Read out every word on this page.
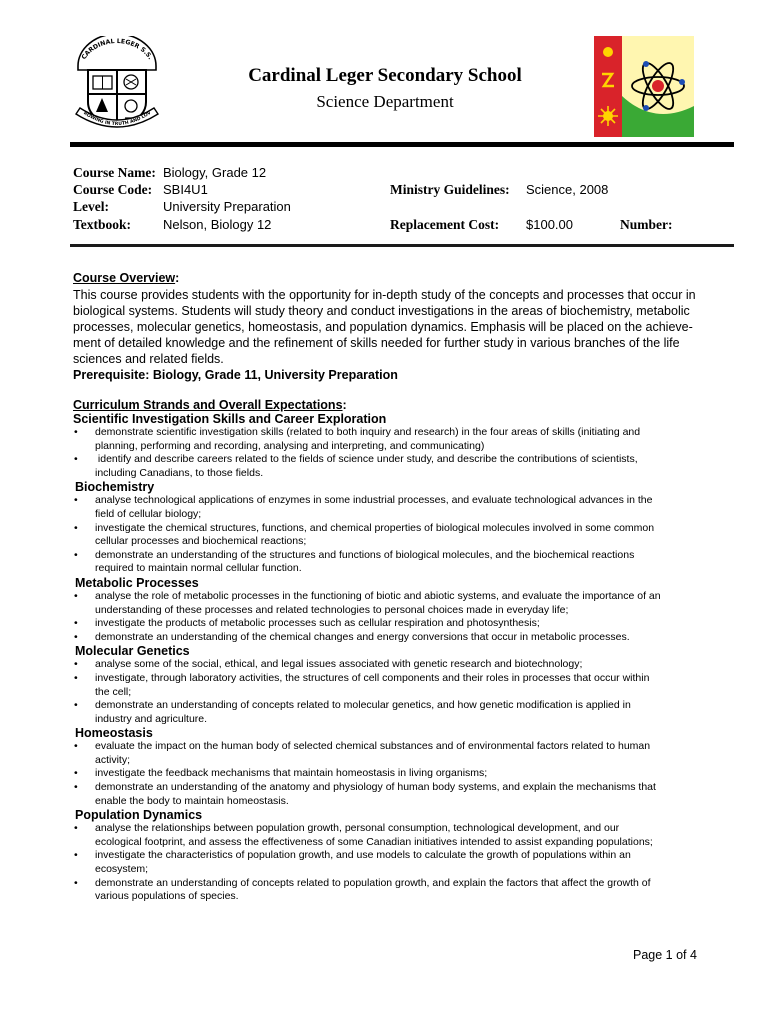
CARDINAL LEGER S.S.
ROWING IN TRUTH AND LOV
Cardinal Leger Secondary School
Science Department
Course Name: Biology, Grade 12
Course Code: SBI4U1
Level:	University Preparation
Textbook: Nelson, Biology 12
Ministry Guidelines: Science, 2008
Replacement Cost: $100.00	Number:
Course Overview:
This course provides students with the opportunity for in-depth study of the concepts and processes that occur in
biological systems. Students will study theory and conduct investigations in the areas of biochemistry, metabolic
processes, molecular genetics, homeostasis, and population dynamics. Emphasis will be placed on the achieve-
ment of detailed knowledge and the refinement of skills needed for further study in various branches of the life
sciences and related fields.
Prerequisite: Biology, Grade 11, University Preparation
Curriculum Strands and Overall Expectations:
Scientific Investigation Skills and Career Exploration
• demonstrate scientific investigation skills (related to both inquiry and research) in the four areas of skills (initiating and
planning, performing and recording, analysing and interpreting, and communicating)
• identify and describe careers related to the fields of science under study, and describe the contributions of scientists,
including Canadians, to those fields.
Biochemistry
• analyse technological applications of enzymes in some industrial processes, and evaluate technological advances in the
field of cellular biology;
• investigate the chemical structures, functions, and chemical properties of biological molecules involved in some common
cellular processes and biochemical reactions;
• demonstrate an understanding of the structures and functions of biological molecules, and the biochemical reactions
required to maintain normal cellular function.
Metabolic Processes
• analyse the role of metabolic processes in the functioning of biotic and abiotic systems, and evaluate the importance of an
understanding of these processes and related technologies to personal choices made in everyday life;
• investigate the products of metabolic processes such as cellular respiration and photosynthesis;
• demonstrate an understanding of the chemical changes and energy conversions that occur in metabolic processes.
Molecular Genetics
• analyse some of the social, ethical, and legal issues associated with genetic research and biotechnology;
• investigate, through laboratory activities, the structures of cell components and their roles in processes that occur within
the cell;
• demonstrate an understanding of concepts related to molecular genetics, and how genetic modification is applied in
industry and agriculture.
Homeostasis
• evaluate the impact on the human body of selected chemical substances and of environmental factors related to human
activity;
• investigate the feedback mechanisms that maintain homeostasis in living organisms;
• demonstrate an understanding of the anatomy and physiology of human body systems, and explain the mechanisms that
enable the body to maintain homeostasis.
Population Dynamics
• analyse the relationships between population growth, personal consumption, technological development, and our
ecological footprint, and assess the effectiveness of some Canadian initiatives intended to assist expanding populations;
• investigate the characteristics of population growth, and use models to calculate the growth of populations within an
ecosystem;
• demonstrate an understanding of concepts related to population growth, and explain the factors that affect the growth of
various populations of species.
Page 1 of 4
